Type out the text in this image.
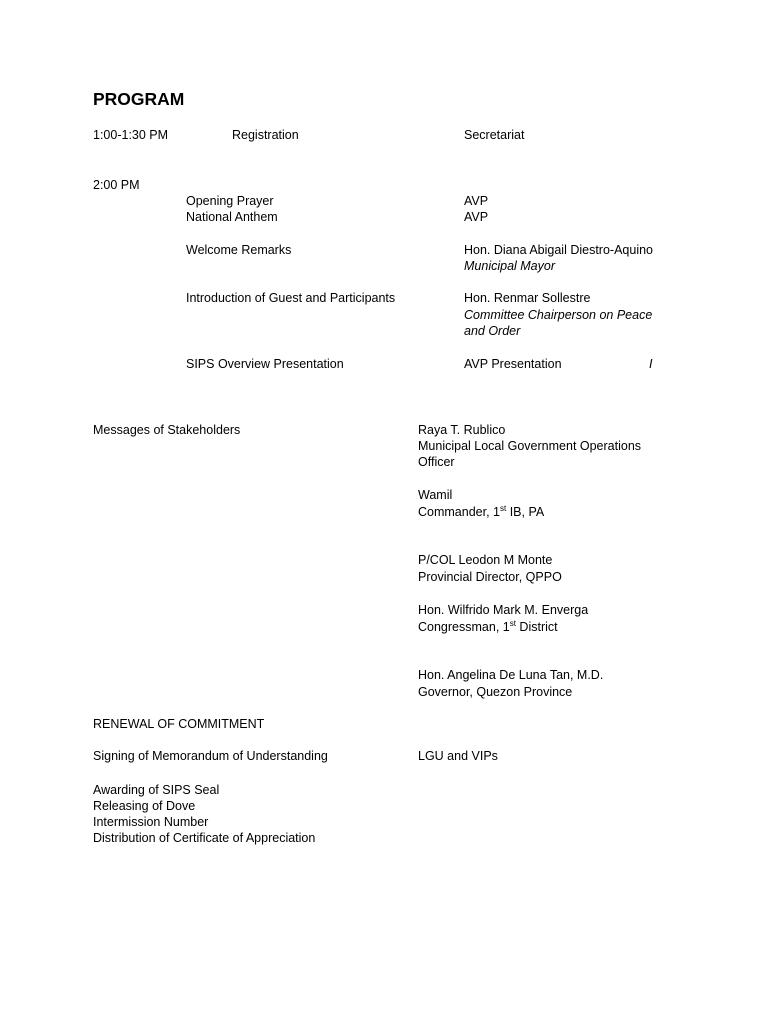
PROGRAM
1:00-1:30 PM	Registration	Secretariat
2:00 PM
Opening Prayer	AVP
National Anthem	AVP
Welcome Remarks	Hon. Diana Abigail Diestro-Aquino
Municipal Mayor
Introduction of Guest and Participants	Hon. Renmar Sollestre
Committee Chairperson on Peace
and Order
SIPS Overview Presentation	AVP Presentation	I
Messages of Stakeholders	Raya T. Rublico
Municipal Local Government Operations
Officer
Wamil
Commander, 1st IB, PA
P/COL Leodon M Monte
Provincial Director, QPPO
Hon. Wilfrido Mark M. Enverga
Congressman, 1st District
Hon. Angelina De Luna Tan, M.D.
Governor, Quezon Province
RENEWAL OF COMMITMENT
Signing of Memorandum of Understanding	LGU and VIPs
Awarding of SIPS Seal
Releasing of Dove
Intermission Number
Distribution of Certificate of Appreciation
